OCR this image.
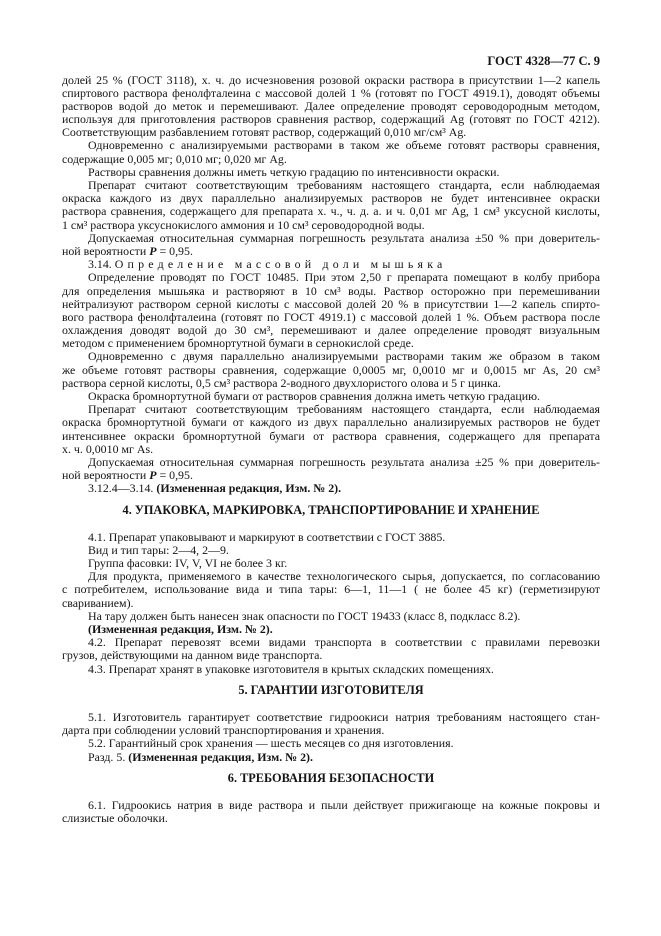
ГОСТ 4328—77 С. 9
долей 25 % (ГОСТ 3118), х. ч. до исчезновения розовой окраски раствора в присутствии 1—2 капель
спиртового раствора фенолфталеина с массовой долей 1 % (готовят по ГОСТ 4919.1), доводят объемы
растворов водой до меток и перемешивают. Далее определение проводят сероводородным методом,
используя для приготовления растворов сравнения раствор, содержащий Ag (готовят по ГОСТ 4212).
Соответствующим разбавлением готовят раствор, содержащий 0,010 мг/см³ Ag.
Одновременно с анализируемыми растворами в таком же объеме готовят растворы сравнения,
содержащие 0,005 мг; 0,010 мг; 0,020 мг Ag.
Растворы сравнения должны иметь четкую градацию по интенсивности окраски.
Препарат считают соответствующим требованиям настоящего стандарта, если наблюдаемая
окраска каждого из двух параллельно анализируемых растворов не будет интенсивнее окраски
раствора сравнения, содержащего для препарата х. ч., ч. д. а. и ч. 0,01 мг Ag, 1 см³ уксусной кислоты,
1 см³ раствора уксуснокислого аммония и 10 см³ сероводородной воды.
Допускаемая относительная суммарная погрешность результата анализа ±50 % при доверитель-
ной вероятности P = 0,95.
3.14. Определение массовой доли мышьяка
Определение проводят по ГОСТ 10485. При этом 2,50 г препарата помещают в колбу прибора
для определения мышьяка и растворяют в 10 см³ воды. Раствор осторожно при перемешивании
нейтрализуют раствором серной кислоты с массовой долей 20 % в присутствии 1—2 капель спирто-
вого раствора фенолфталеина (готовят по ГОСТ 4919.1) с массовой долей 1 %. Объем раствора после
охлаждения доводят водой до 30 см³, перемешивают и далее определение проводят визуальным
методом с применением бромнортутной бумаги в сернокислой среде.
Одновременно с двумя параллельно анализируемыми растворами таким же образом в таком
же объеме готовят растворы сравнения, содержащие 0,0005 мг, 0,0010 мг и 0,0015 мг As, 20 см³
раствора серной кислоты, 0,5 см³ раствора 2-водного двухлористого олова и 5 г цинка.
Окраска бромнортутной бумаги от растворов сравнения должна иметь четкую градацию.
Препарат считают соответствующим требованиям настоящего стандарта, если наблюдаемая
окраска бромнортутной бумаги от каждого из двух параллельно анализируемых растворов не будет
интенсивнее окраски бромнортутной бумаги от раствора сравнения, содержащего для препарата
х. ч. 0,0010 мг As.
Допускаемая относительная суммарная погрешность результата анализа ±25 % при доверитель-
ной вероятности P = 0,95.
3.12.4—3.14. (Измененная редакция, Изм. № 2).
4. УПАКОВКА, МАРКИРОВКА, ТРАНСПОРТИРОВАНИЕ И ХРАНЕНИЕ
4.1. Препарат упаковывают и маркируют в соответствии с ГОСТ 3885.
Вид и тип тары: 2—4, 2—9.
Группа фасовки: IV, V, VI не более 3 кг.
Для продукта, применяемого в качестве технологического сырья, допускается, по согласованию
с потребителем, использование вида и типа тары: 6—1, 11—1 ( не более 45 кг) (герметизируют
свариванием).
На тару должен быть нанесен знак опасности по ГОСТ 19433 (класс 8, подкласс 8.2).
(Измененная редакция, Изм. № 2).
4.2. Препарат перевозят всеми видами транспорта в соответствии с правилами перевозки
грузов, действующими на данном виде транспорта.
4.3. Препарат хранят в упаковке изготовителя в крытых складских помещениях.
5. ГАРАНТИИ ИЗГОТОВИТЕЛЯ
5.1. Изготовитель гарантирует соответствие гидроокиси натрия требованиям настоящего стан-
дарта при соблюдении условий транспортирования и хранения.
5.2. Гарантийный срок хранения — шесть месяцев со дня изготовления.
Разд. 5. (Измененная редакция, Изм. № 2).
6. ТРЕБОВАНИЯ БЕЗОПАСНОСТИ
6.1. Гидроокись натрия в виде раствора и пыли действует прижигающе на кожные покровы и
слизистые оболочки.
